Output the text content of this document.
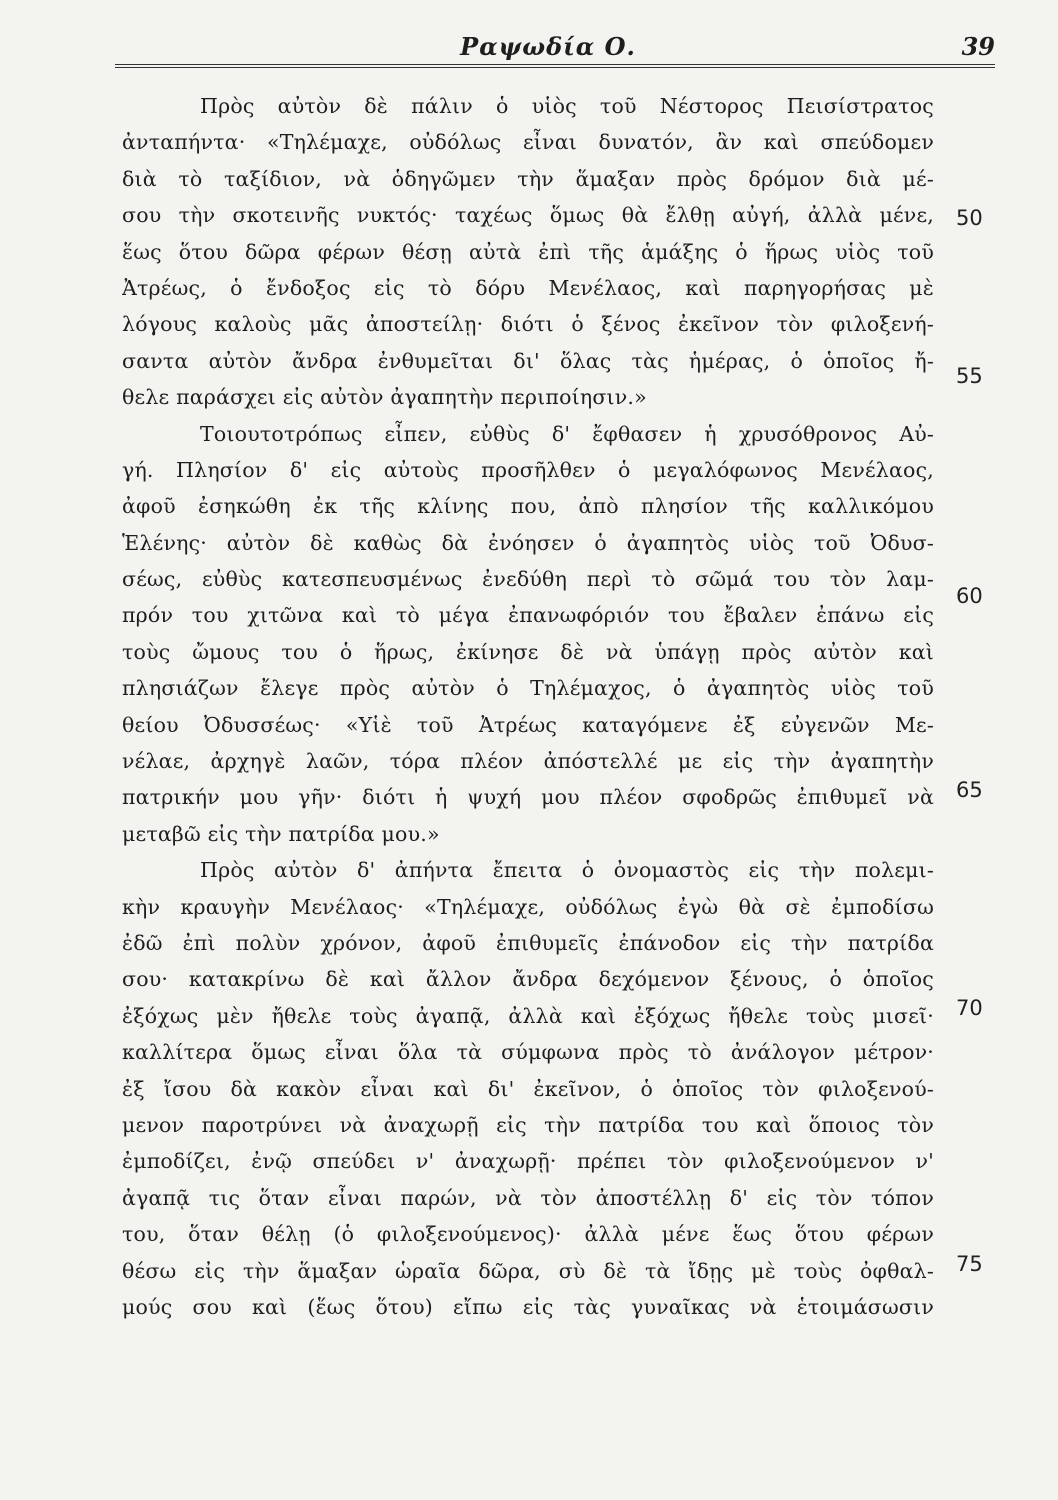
Ραψωδία Ο.	39
Πρὸς αὐτὸν δὲ πάλιν ὁ υἱὸς τοῦ Νέστορος Πεισίστρατος
ἀνταπήντα· «Τηλέμαχε, οὐδόλως εἶναι δυνατόν, ἂν καὶ σπεύδομεν
διὰ τὸ ταξίδιον, νὰ ὁδηγῶμεν τὴν ἅμαξαν πρὸς δρόμον διὰ μέ-
σου τὴν σκοτεινῆς νυκτός· ταχέως ὅμως θὰ ἔλθῃ αὐγή, ἀλλὰ μένε,
ἕως ὅτου δῶρα φέρων θέσῃ αὐτὰ ἐπὶ τῆς ἁμάξης ὁ ἥρως υἱὸς τοῦ
Ἀτρέως, ὁ ἔνδοξος εἰς τὸ δόρυ Μενέλαος, καὶ παρηγορήσας μὲ
λόγους καλοὺς μᾶς ἀποστείλῃ· διότι ὁ ξένος ἐκεῖνον τὸν φιλοξενή-
σαντα αὐτὸν ἄνδρα ἐνθυμεῖται δι' ὅλας τὰς ἡμέρας, ὁ ὁποῖος ἤ-
θελε παράσχει εἰς αὐτὸν ἀγαπητὴν περιποίησιν.»
Τοιουτοτρόπως εἶπεν, εὐθὺς δ' ἔφθασεν ἡ χρυσόθρονος Αὐ-
γή. Πλησίον δ' εἰς αὐτοὺς προσῆλθεν ὁ μεγαλόφωνος Μενέλαος,
ἀφοῦ ἐσηκώθη ἐκ τῆς κλίνης που, ἀπὸ πλησίον τῆς καλλικόμου
Ἑλένης· αὐτὸν δὲ καθὼς δὰ ἐνόησεν ὁ ἀγαπητὸς υἱὸς τοῦ Ὀδυσ-
σέως, εὐθὺς κατεσπευσμένως ἐνεδύθη περὶ τὸ σῶμά του τὸν λαμ-
πρόν του χιτῶνα καὶ τὸ μέγα ἐπανωφόριόν του ἔβαλεν ἐπάνω εἰς
τοὺς ὤμους του ὁ ἥρως, ἐκίνησε δὲ νὰ ὑπάγῃ πρὸς αὐτὸν καὶ
πλησιάζων ἔλεγε πρὸς αὐτὸν ὁ Τηλέμαχος, ὁ ἀγαπητὸς υἱὸς τοῦ
θείου Ὀδυσσέως· «Υἱὲ τοῦ Ἀτρέως καταγόμενε ἐξ εὐγενῶν Με-
νέλαε, ἀρχηγὲ λαῶν, τόρα πλέον ἀπόστελλέ με εἰς τὴν ἀγαπητὴν
πατρικήν μου γῆν· διότι ἡ ψυχή μου πλέον σφοδρῶς ἐπιθυμεῖ νὰ
μεταβῶ εἰς τὴν πατρίδα μου.»
Πρὸς αὐτὸν δ' ἀπήντα ἔπειτα ὁ ὀνομαστὸς εἰς τὴν πολεμι-
κὴν κραυγὴν Μενέλαος· «Τηλέμαχε, οὐδόλως ἐγὼ θὰ σὲ ἐμποδίσω
ἐδῶ ἐπὶ πολὺν χρόνον, ἀφοῦ ἐπιθυμεῖς ἐπάνοδον εἰς τὴν πατρίδα
σου· κατακρίνω δὲ καὶ ἄλλον ἄνδρα δεχόμενον ξένους, ὁ ὁποῖος
ἐξόχως μὲν ἤθελε τοὺς ἀγαπᾷ, ἀλλὰ καὶ ἐξόχως ἤθελε τοὺς μισεῖ·
καλλίτερα ὅμως εἶναι ὅλα τὰ σύμφωνα πρὸς τὸ ἀνάλογον μέτρον·
ἐξ ἴσου δὰ κακὸν εἶναι καὶ δι' ἐκεῖνον, ὁ ὁποῖος τὸν φιλοξενού-
μενον παροτρύνει νὰ ἀναχωρῇ εἰς τὴν πατρίδα του καὶ ὅποιος τὸν
ἐμποδίζει, ἐνῷ σπεύδει ν' ἀναχωρῇ· πρέπει τὸν φιλοξενούμενον ν'
ἀγαπᾷ τις ὅταν εἶναι παρών, νὰ τὸν ἀποστέλλῃ δ' εἰς τὸν τόπον
του, ὅταν θέλῃ (ὁ φιλοξενούμενος)· ἀλλὰ μένε ἕως ὅτου φέρων
θέσω εἰς τὴν ἅμαξαν ὡραῖα δῶρα, σὺ δὲ τὰ ἴδῃς μὲ τοὺς ὀφθαλ-
μούς σου καὶ (ἕως ὅτου) εἴπω εἰς τὰς γυναῖκας νὰ ἑτοιμάσωσιν
50
55
60
65
70
75
